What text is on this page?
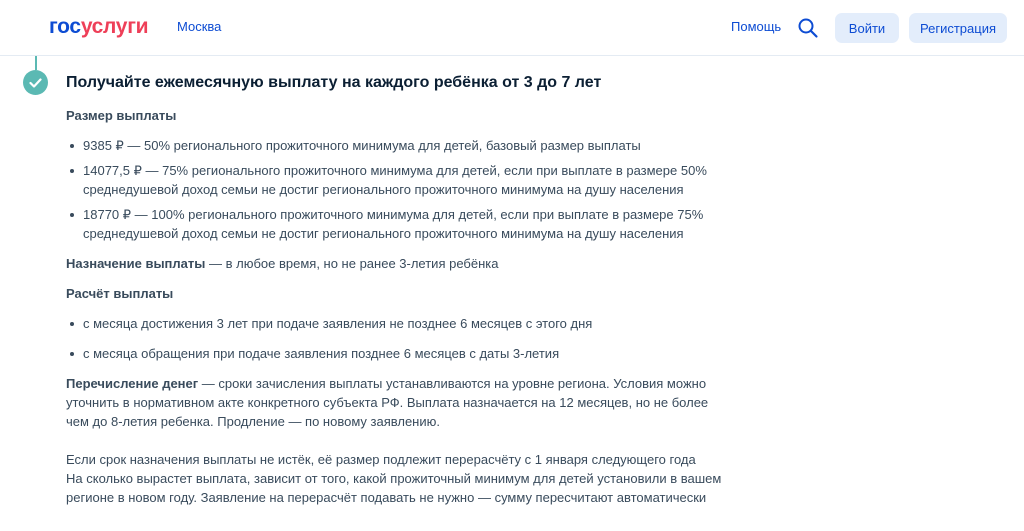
госуслуги Москва	Помощь	Войти	Регистрация
Получайте ежемесячную выплату на каждого ребёнка от 3 до 7 лет

Размер выплаты

9385 ₽ — 50% регионального прожиточного минимума для детей, базовый размер выплаты
14077,5 ₽ — 75% регионального прожиточного минимума для детей, если при выплате в размере 50% среднедушевой доход семьи не достиг регионального прожиточного минимума на душу населения
18770 ₽ — 100% регионального прожиточного минимума для детей, если при выплате в размере 75% среднедушевой доход семьи не достиг регионального прожиточного минимума на душу населения

Назначение выплаты — в любое время, но не ранее 3-летия ребёнка

Расчёт выплаты

с месяца достижения 3 лет при подаче заявления не позднее 6 месяцев с этого дня
с месяца обращения при подаче заявления позднее 6 месяцев с даты 3-летия

Перечисление денег — сроки зачисления выплаты устанавливаются на уровне региона. Условия можно уточнить в нормативном акте конкретного субъекта РФ. Выплата назначается на 12 месяцев, но не более чем до 8-летия ребенка. Продление — по новому заявлению.

Если срок назначения выплаты не истёк, её размер подлежит перерасчёту с 1 января следующего года
На сколько вырастет выплата, зависит от того, какой прожиточный минимум для детей установили в вашем регионе в новом году. Заявление на перерасчёт подавать не нужно — сумму пересчитают автоматически
